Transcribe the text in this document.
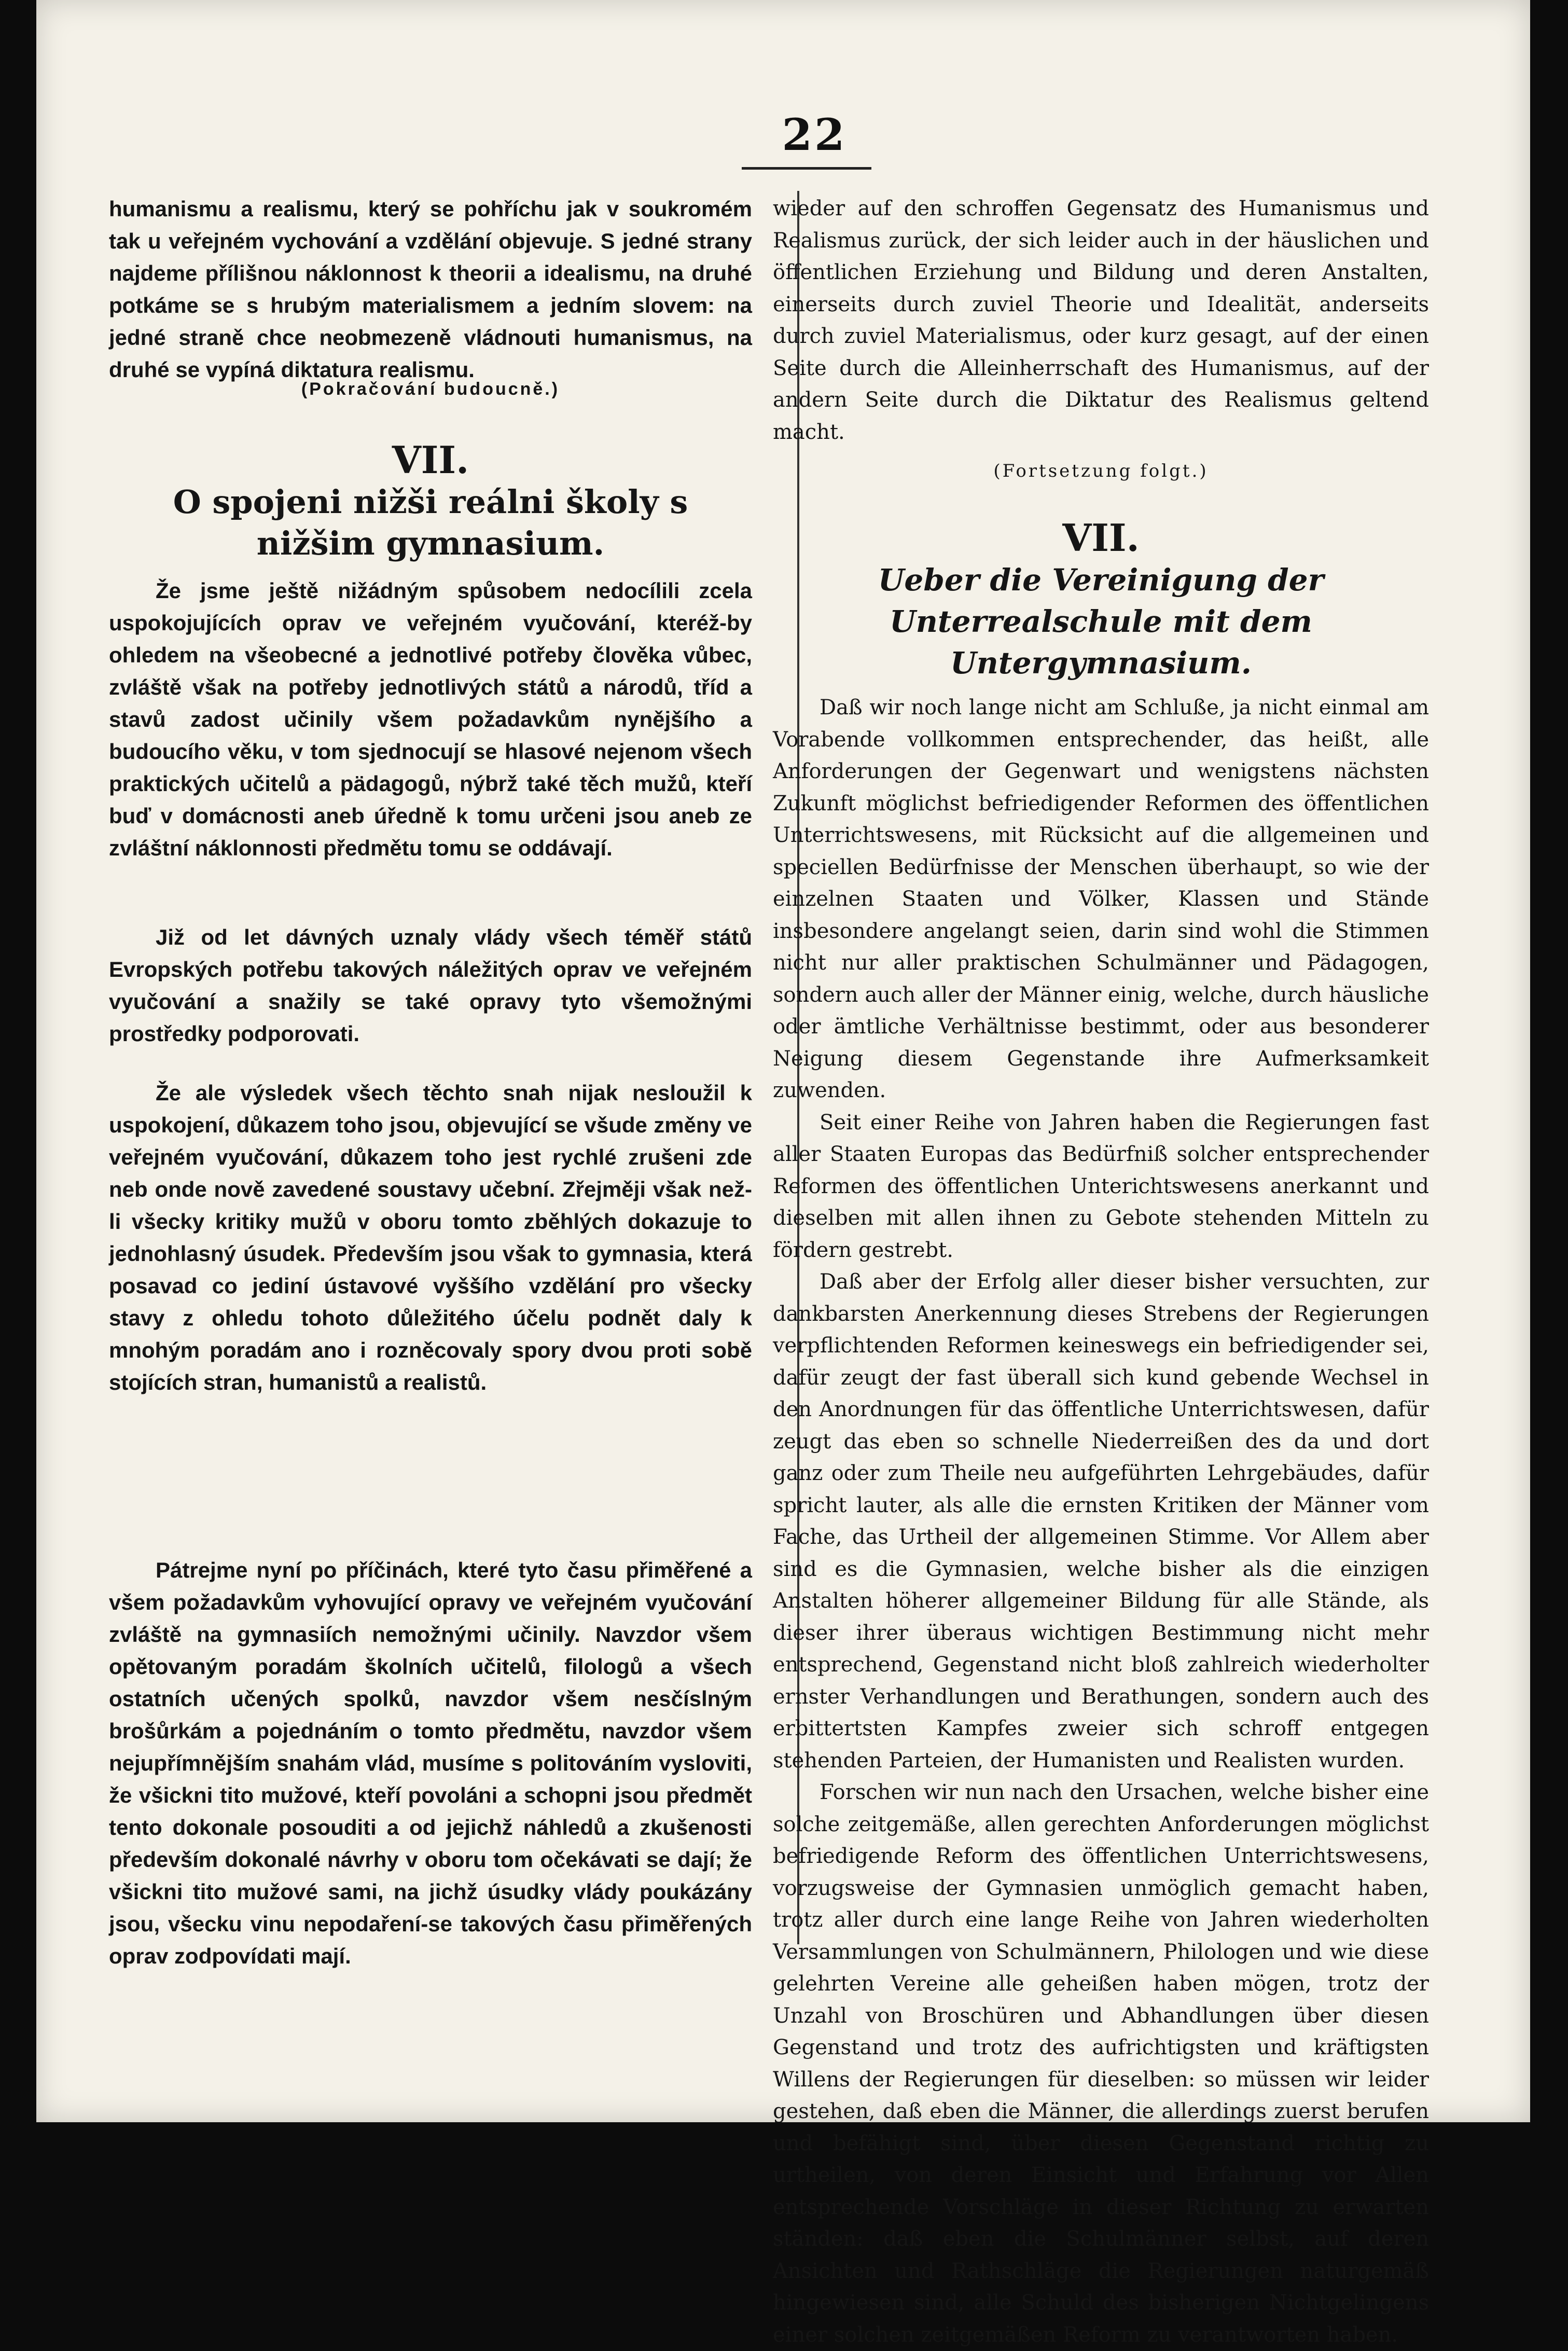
22

humanismu a realismu, který se pohříchu jak v soukromém tak u veřejném vychování a vzdělání objevuje. S jedné strany najdeme přílišnou náklonnost k theorii a idealismu, na druhé potkáme se s hrubým materialismem a jedním slovem: na jedné straně chce neobmezeně vládnouti humanismus, na druhé se vypíná diktatura realismu.

(Pokračování budoucně.)

VII.

O spojeni nižši reálni školy s nižšim gymnasium.

Že jsme ještě nižádným spůsobem nedocílili zcela uspokojujících oprav ve veřejném vyučování, kteréž-by ohledem na všeobecné a jednotlivé potřeby člověka vůbec, zvláště však na potřeby jednotlivých států a národů, tříd a stavů zadost učinily všem požadavkům nynějšího a budoucího věku, v tom sjednocují se hlasové nejenom všech praktických učitelů a pädagogů, nýbrž také těch mužů, kteří buď v domácnosti aneb úředně k tomu určeni jsou aneb ze zvláštní náklonnosti předmětu tomu se oddávají.

Již od let dávných uznaly vlády všech téměř států Evropských potřebu takových náležitých oprav ve veřejném vyučování a snažily se také opravy tyto všemožnými prostředky podporovati.

Že ale výsledek všech těchto snah nijak nesloužil k uspokojení, důkazem toho jsou, objevující se všude změny ve veřejném vyučování, důkazem toho jest rychlé zrušeni zde neb onde nově zavedené soustavy učební. Zřejměji však než-li všecky kritiky mužů v oboru tomto zběhlých dokazuje to jednohlasný úsudek. Především jsou však to gymnasia, která posavad co jediní ústavové vyššího vzdělání pro všecky stavy z ohledu tohoto důležitého účelu podnět daly k mnohým poradám ano i rozněcovaly spory dvou proti sobě stojících stran, humanistů a realistů.

Pátrejme nyní po příčinách, které tyto času přiměřené a všem požadavkům vyhovující opravy ve veřejném vyučování zvláště na gymnasiích nemožnými učinily. Navzdor všem opětovaným poradám školních učitelů, filologů a všech ostatních učených spolků, navzdor všem nesčíslným brošůrkám a pojednáním o tomto předmětu, navzdor všem nejupřímnějším snahám vlád, musíme s politováním vysloviti, že všickni tito mužové, kteří povoláni a schopni jsou předmět tento dokonale posouditi a od jejichž náhledů a zkušenosti především dokonalé návrhy v oboru tom očekávati se dají; že všickni tito mužové sami, na jichž úsudky vlády poukázány jsou, všecku vinu nepodaření-se takových času přiměřených oprav zodpovídati mají.

wieder auf den schroffen Gegensatz des Humanismus und Realismus zurück, der sich leider auch in der häuslichen und öffentlichen Erziehung und Bildung und deren Anstalten, einerseits durch zuviel Theorie und Idealität, anderseits durch zuviel Materialismus, oder kurz gesagt, auf der einen Seite durch die Alleinherrschaft des Humanismus, auf der andern Seite durch die Diktatur des Realismus geltend macht.

(Fortsetzung folgt.)

VII.

Ueber die Vereinigung der Unterrealschule mit dem Untergymnasium.

Daß wir noch lange nicht am Schluße, ja nicht einmal am Vorabende vollkommen entsprechender, das heißt, alle Anforderungen der Gegenwart und wenigstens nächsten Zukunft möglichst befriedigender Reformen des öffentlichen Unterrichtswesens, mit Rücksicht auf die allgemeinen und speciellen Bedürfnisse der Menschen überhaupt, so wie der einzelnen Staaten und Völker, Klassen und Stände insbesondere angelangt seien, darin sind wohl die Stimmen nicht nur aller praktischen Schulmänner und Pädagogen, sondern auch aller der Männer einig, welche, durch häusliche oder ämtliche Verhältnisse bestimmt, oder aus besonderer Neigung diesem Gegenstande ihre Aufmerksamkeit zuwenden.

Seit einer Reihe von Jahren haben die Regierungen fast aller Staaten Europas das Bedürfniß solcher entsprechender Reformen des öffentlichen Unterichtswesens anerkannt und dieselben mit allen ihnen zu Gebote stehenden Mitteln zu fördern gestrebt.

Daß aber der Erfolg aller dieser bisher versuchten, zur dankbarsten Anerkennung dieses Strebens der Regierungen verpflichtenden Reformen keineswegs ein befriedigender sei, dafür zeugt der fast überall sich kund gebende Wechsel in den Anordnungen für das öffentliche Unterrichtswesen, dafür zeugt das eben so schnelle Niederreißen des da und dort ganz oder zum Theile neu aufgeführten Lehrgebäudes, dafür spricht lauter, als alle die ernsten Kritiken der Männer vom Fache, das Urtheil der allgemeinen Stimme. Vor Allem aber sind es die Gymnasien, welche bisher als die einzigen Anstalten höherer allgemeiner Bildung für alle Stände, als dieser ihrer überaus wichtigen Bestimmung nicht mehr entsprechend, Gegenstand nicht bloß zahlreich wiederholter ernster Verhandlungen und Berathungen, sondern auch des erbittertsten Kampfes zweier sich schroff entgegen stehenden Parteien, der Humanisten und Realisten wurden.

Forschen wir nun nach den Ursachen, welche bisher eine solche zeitgemäße, allen gerechten Anforderungen möglichst befriedigende Reform des öffentlichen Unterrichtswesens, vorzugsweise der Gymnasien unmöglich gemacht haben, trotz aller durch eine lange Reihe von Jahren wiederholten Versammlungen von Schulmännern, Philologen und wie diese gelehrten Vereine alle geheißen haben mögen, trotz der Unzahl von Broschüren und Abhandlungen über diesen Gegenstand und trotz des aufrichtigsten und kräftigsten Willens der Regierungen für dieselben: so müssen wir leider gestehen, daß eben die Männer, die allerdings zuerst berufen und befähigt sind, über diesen Gegenstand richtig zu urtheilen, von deren Einsicht und Erfahrung vor Allen entsprechende Vorschläge in dieser Richtung zu erwarten ständen: daß eben die Schulmänner selbst, auf deren Ansichten und Rathschläge die Regierungen naturgemäß hingewiesen sind, alle Schuld des bisherigen Nichtgelingens einer solchen zeitgemäßen Reform zu verantworten haben.
